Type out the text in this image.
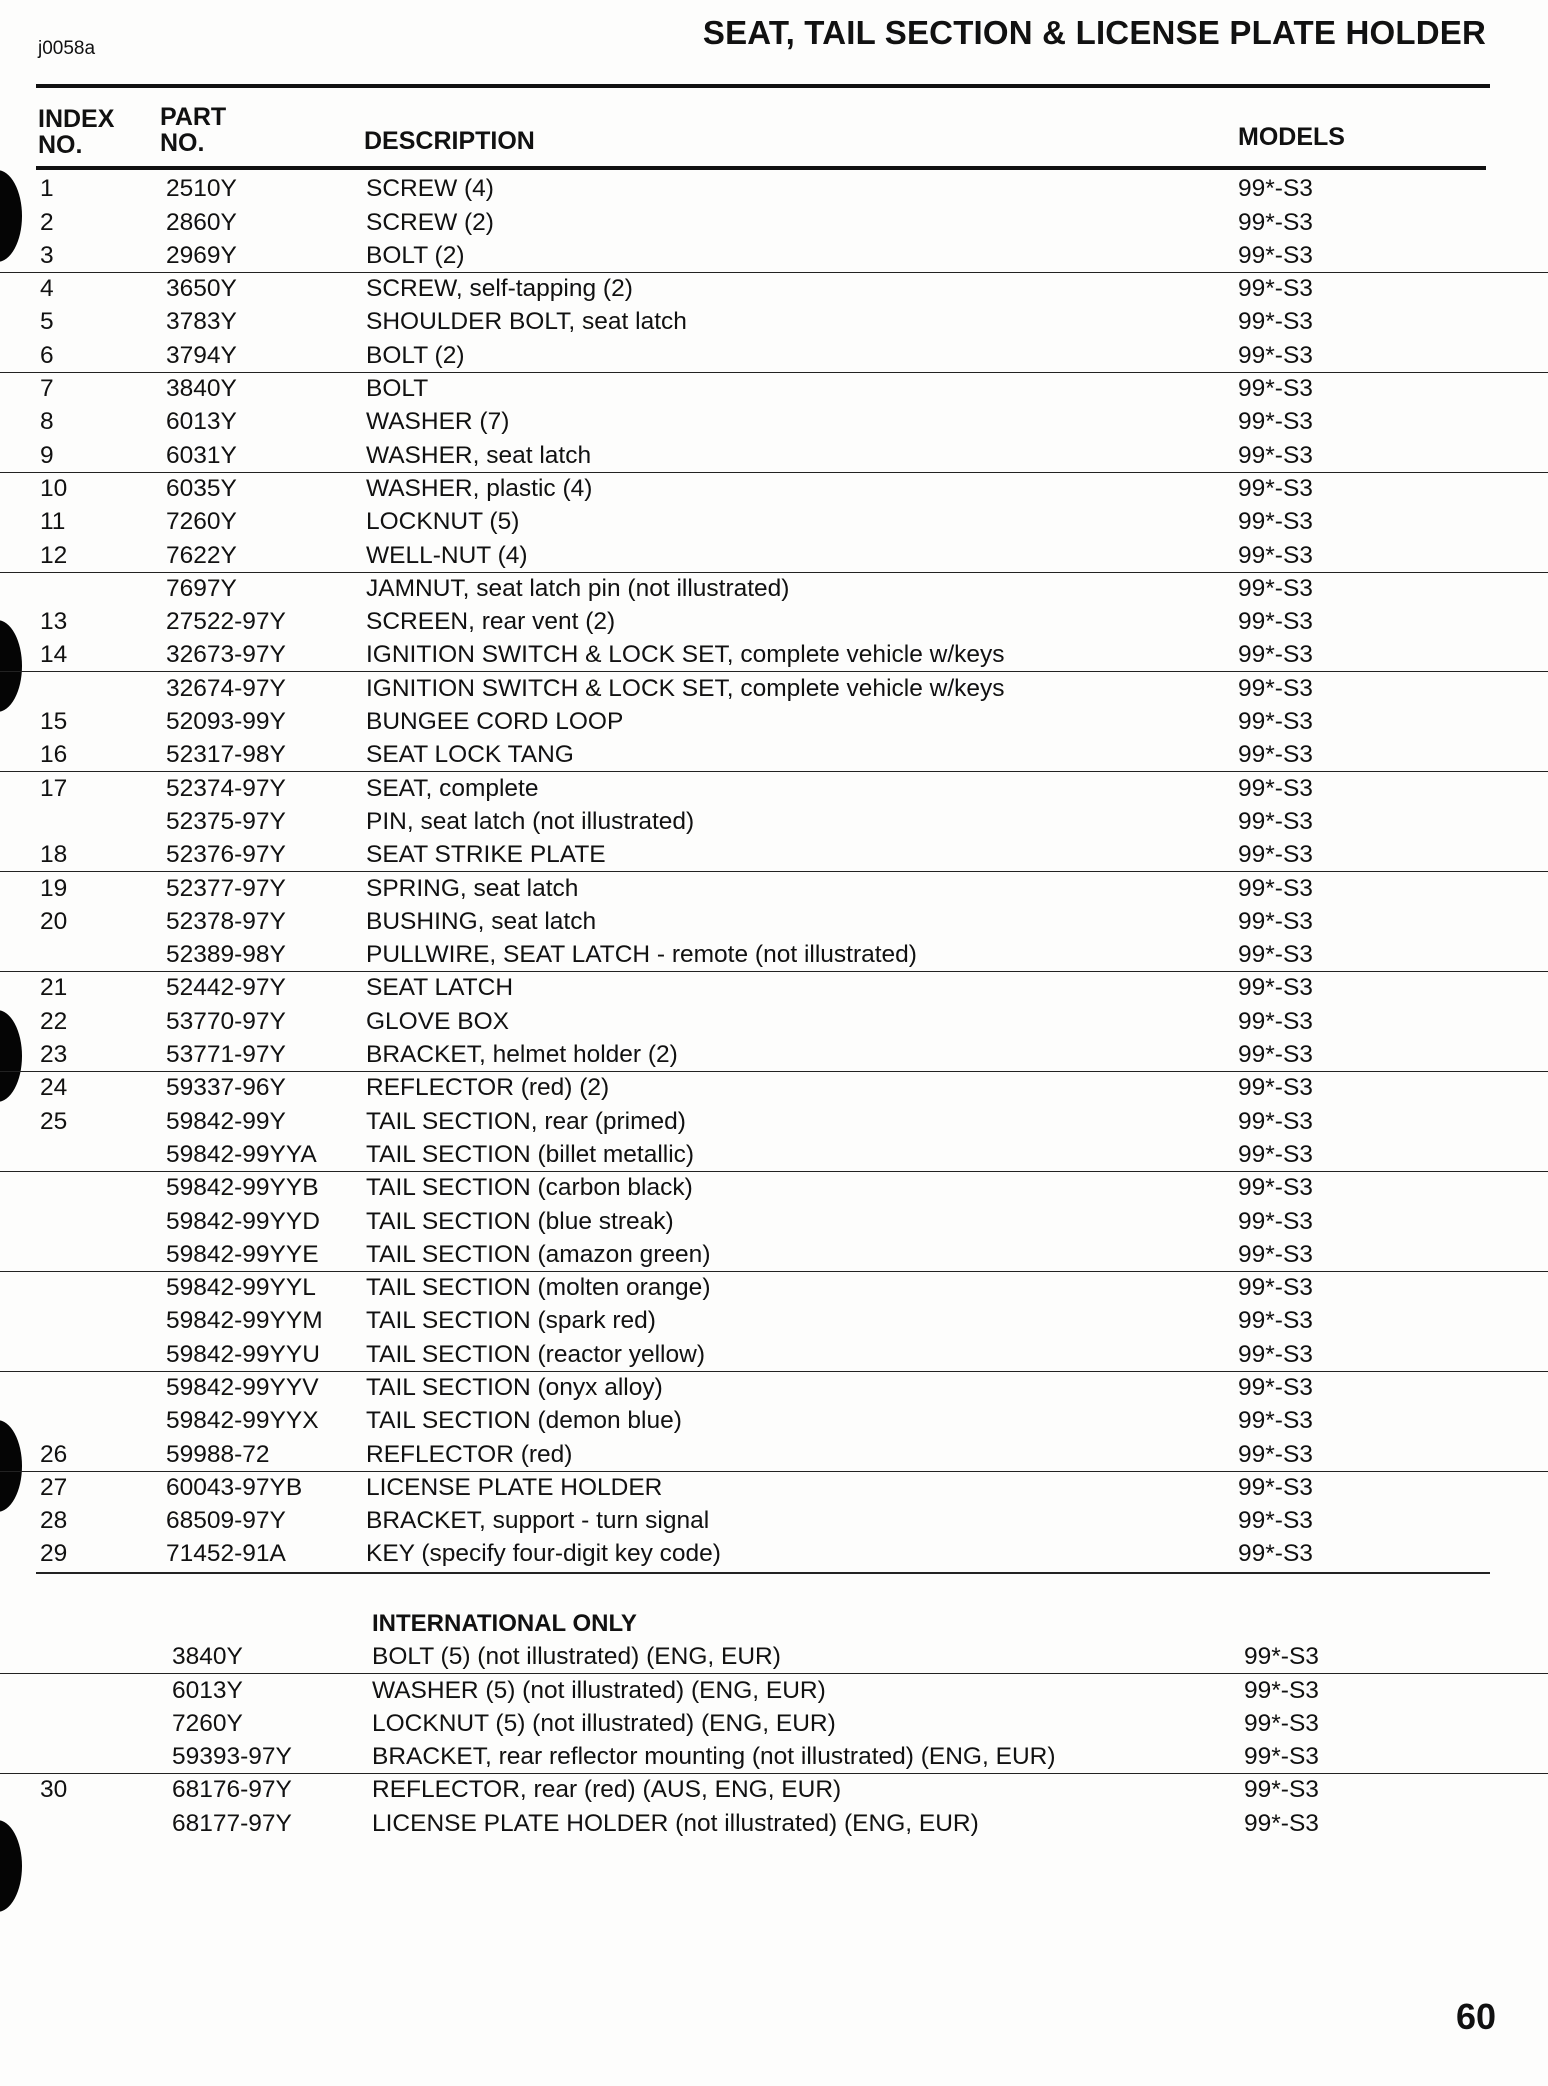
j0058a	SEAT, TAIL SECTION & LICENSE PLATE HOLDER
INDEX
NO.
PART
NO.	DESCRIPTION	MODELS
1	2510Y	SCREW (4)	99*-S3
2	2860Y	SCREW (2)	99*-S3
3	2969Y	BOLT (2)	99*-S3
4	3650Y	SCREW, self-tapping (2)	99*-S3
5	3783Y	SHOULDER BOLT, seat latch	99*-S3
6	3794Y	BOLT (2)	99*-S3
7	3840Y	BOLT	99*-S3
8	6013Y	WASHER (7)	99*-S3
9	6031Y	WASHER, seat latch	99*-S3
10	6035Y	WASHER, plastic (4)	99*-S3
11	7260Y	LOCKNUT (5)	99*-S3
12	7622Y	WELL-NUT (4)	99*-S3
7697Y	JAMNUT, seat latch pin (not illustrated)	99*-S3
13	27522-97Y	SCREEN, rear vent (2)	99*-S3
14	32673-97Y	IGNITION SWITCH & LOCK SET, complete vehicle w/keys	99*-S3
32674-97Y	IGNITION SWITCH & LOCK SET, complete vehicle w/keys	99*-S3
15	52093-99Y	BUNGEE CORD LOOP	99*-S3
16	52317-98Y	SEAT LOCK TANG	99*-S3
17	52374-97Y	SEAT, complete	99*-S3
52375-97Y	PIN, seat latch (not illustrated)	99*-S3
18	52376-97Y	SEAT STRIKE PLATE	99*-S3
19	52377-97Y	SPRING, seat latch	99*-S3
20	52378-97Y	BUSHING, seat latch	99*-S3
52389-98Y	PULLWIRE, SEAT LATCH - remote (not illustrated)	99*-S3
21	52442-97Y	SEAT LATCH	99*-S3
22	53770-97Y	GLOVE BOX	99*-S3
23	53771-97Y	BRACKET, helmet holder (2)	99*-S3
24	59337-96Y	REFLECTOR (red) (2)	99*-S3
25	59842-99Y	TAIL SECTION, rear (primed)	99*-S3
59842-99YYA TAIL SECTION (billet metallic)	99*-S3
59842-99YYB TAIL SECTION (carbon black)	99*-S3
59842-99YYD TAIL SECTION (blue streak)	99*-S3
59842-99YYE TAIL SECTION (amazon green)	99*-S3
59842-99YYL TAIL SECTION (molten orange)	99*-S3
59842-99YYM TAIL SECTION (spark red)	99*-S3
59842-99YYU TAIL SECTION (reactor yellow)	99*-S3
59842-99YYV TAIL SECTION (onyx alloy)	99*-S3
59842-99YYX TAIL SECTION (demon blue)	99*-S3
26	59988-72	REFLECTOR (red)	99*-S3
27	60043-97YB	LICENSE PLATE HOLDER	99*-S3
28	68509-97Y	BRACKET, support - turn signal	99*-S3
29	71452-91A	KEY (specify four-digit key code)	99*-S3
INTERNATIONAL ONLY
3840Y	BOLT (5) (not illustrated) (ENG, EUR)	99*-S3
6013Y	WASHER (5) (not illustrated) (ENG, EUR)	99*-S3
7260Y	LOCKNUT (5) (not illustrated) (ENG, EUR)	99*-S3
59393-97Y	BRACKET, rear reflector mounting (not illustrated) (ENG, EUR)	99*-S3
30	68176-97Y	REFLECTOR, rear (red) (AUS, ENG, EUR)	99*-S3
68177-97Y	LICENSE PLATE HOLDER (not illustrated) (ENG, EUR)	99*-S3
60
